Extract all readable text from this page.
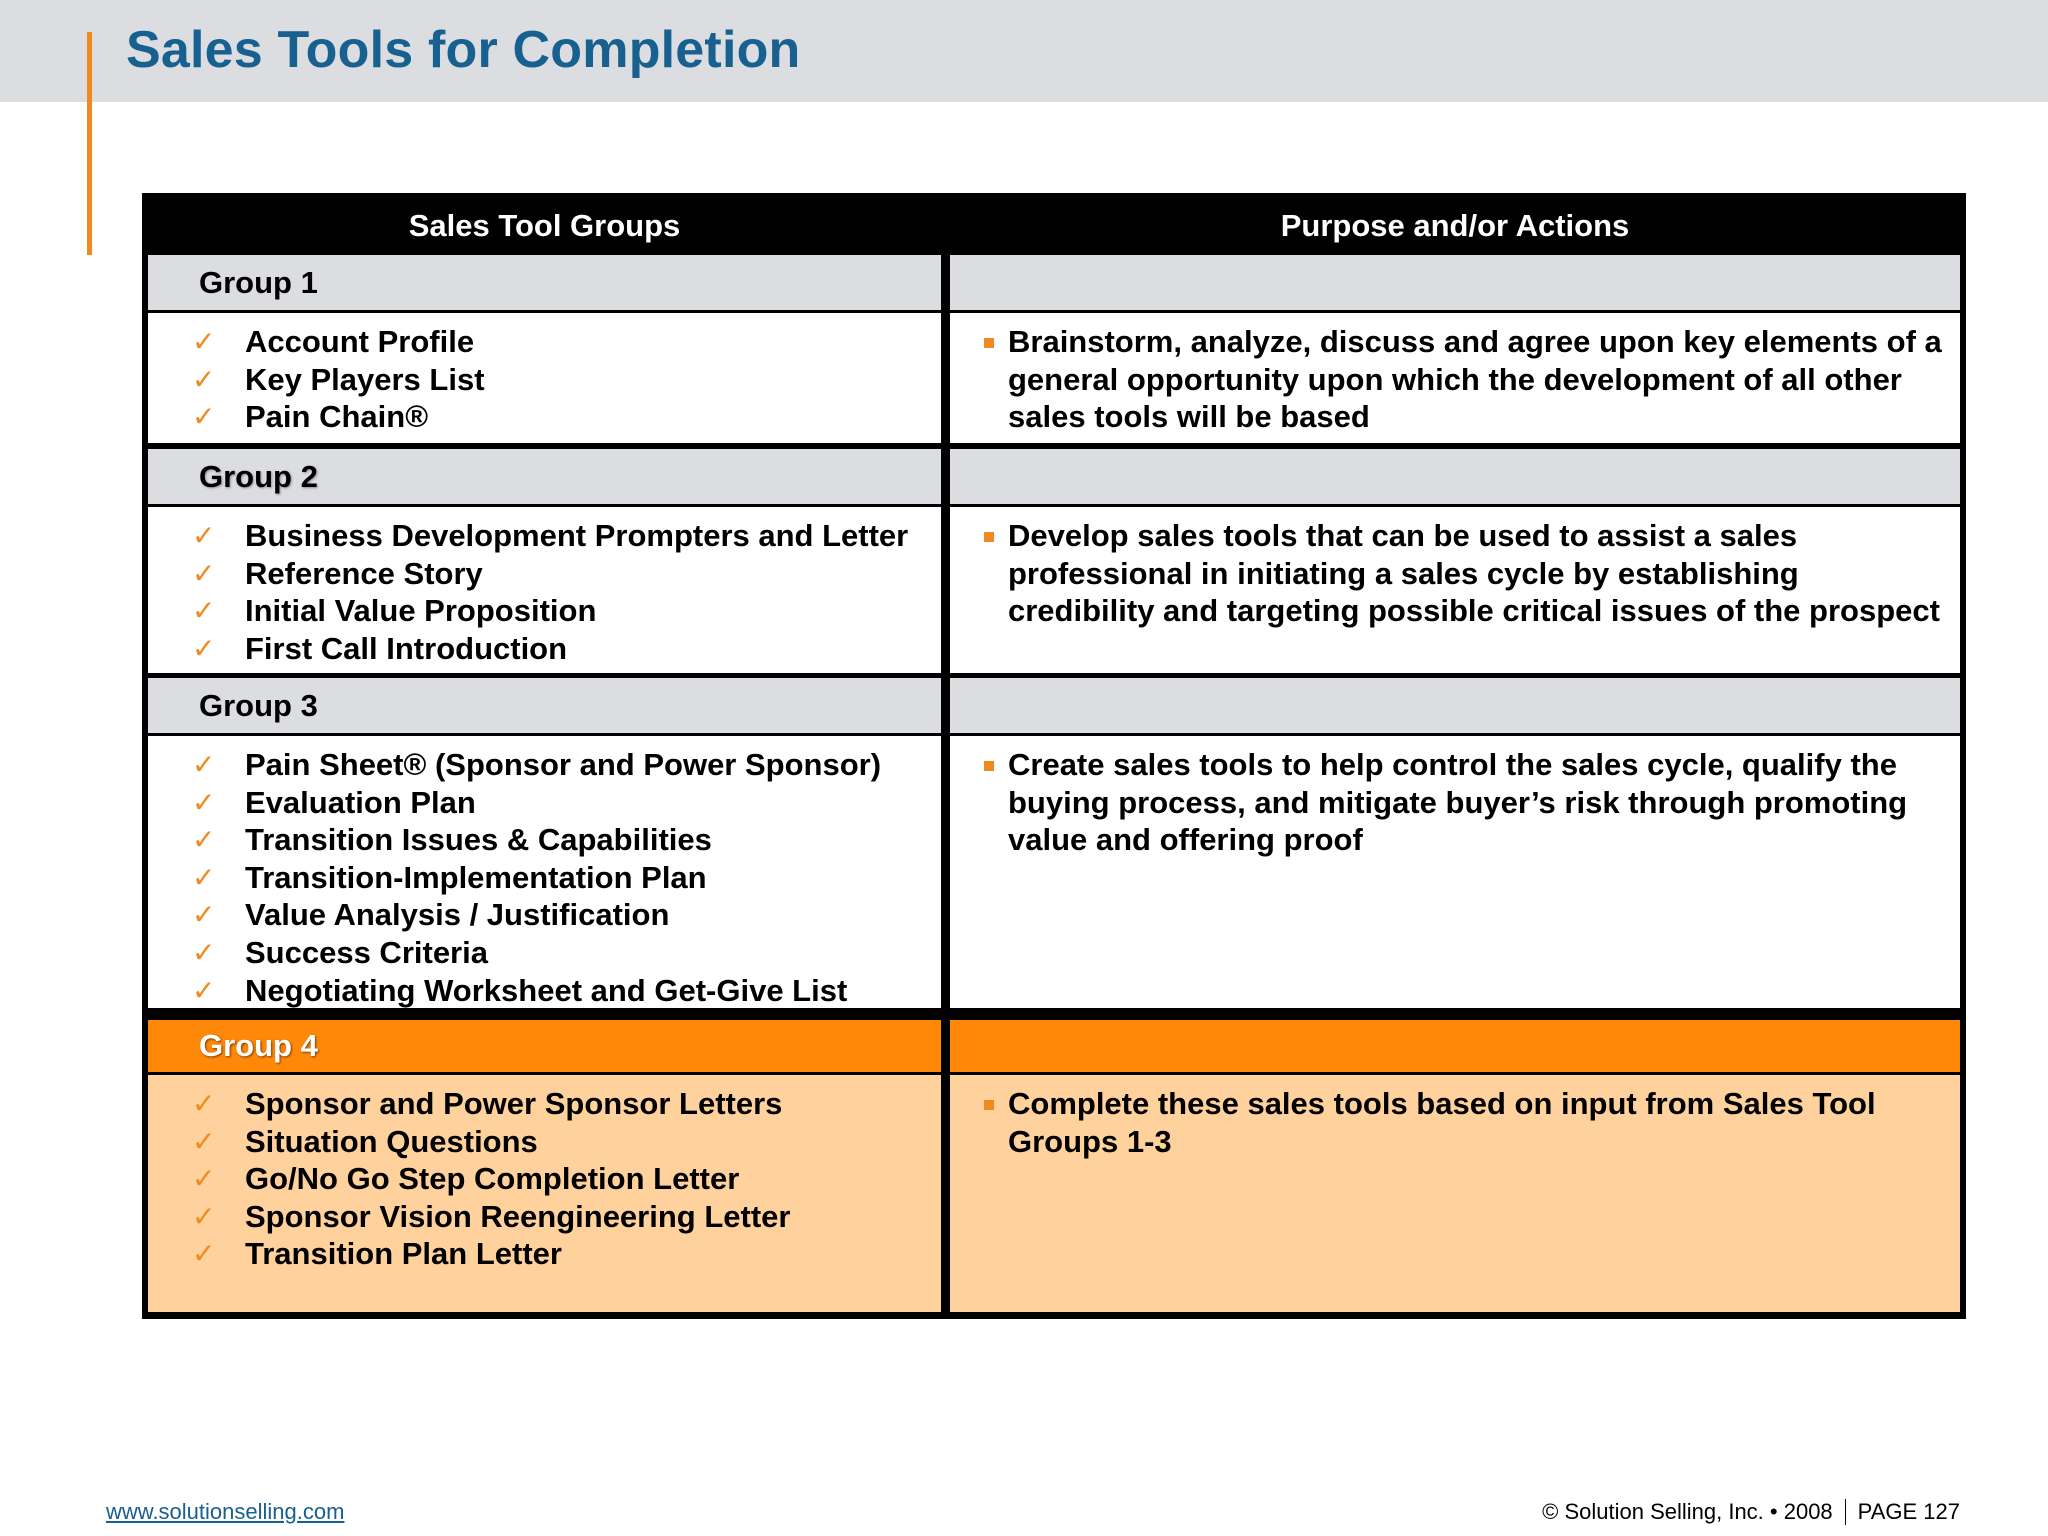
Sales Tools for Completion
Sales Tool Groups	Purpose and/or Actions
Group 1
✓ Account Profile
✓ Key Players List
✓ Pain Chain®
Brainstorm, analyze, discuss and agree upon key elements of a general opportunity upon which the development of all other sales tools will be based
Group 2
✓ Business Development Prompters and Letter
✓ Reference Story
✓ Initial Value Proposition
✓ First Call Introduction
Develop sales tools that can be used to assist a sales professional in initiating a sales cycle by establishing credibility and targeting possible critical issues of the prospect
Group 3
✓ Pain Sheet® (Sponsor and Power Sponsor)
✓ Evaluation Plan
✓ Transition Issues & Capabilities
✓ Transition-Implementation Plan
✓ Value Analysis / Justification
✓ Success Criteria
✓ Negotiating Worksheet and Get-Give List
Create sales tools to help control the sales cycle, qualify the buying process, and mitigate buyer’s risk through promoting value and offering proof
Group 4
✓ Sponsor and Power Sponsor Letters
✓ Situation Questions
✓ Go/No Go Step Completion Letter
✓ Sponsor Vision Reengineering Letter
✓ Transition Plan Letter
Complete these sales tools based on input from Sales Tool Groups 1-3
www.solutionselling.com	© Solution Selling, Inc. • 2008 PAGE 127
